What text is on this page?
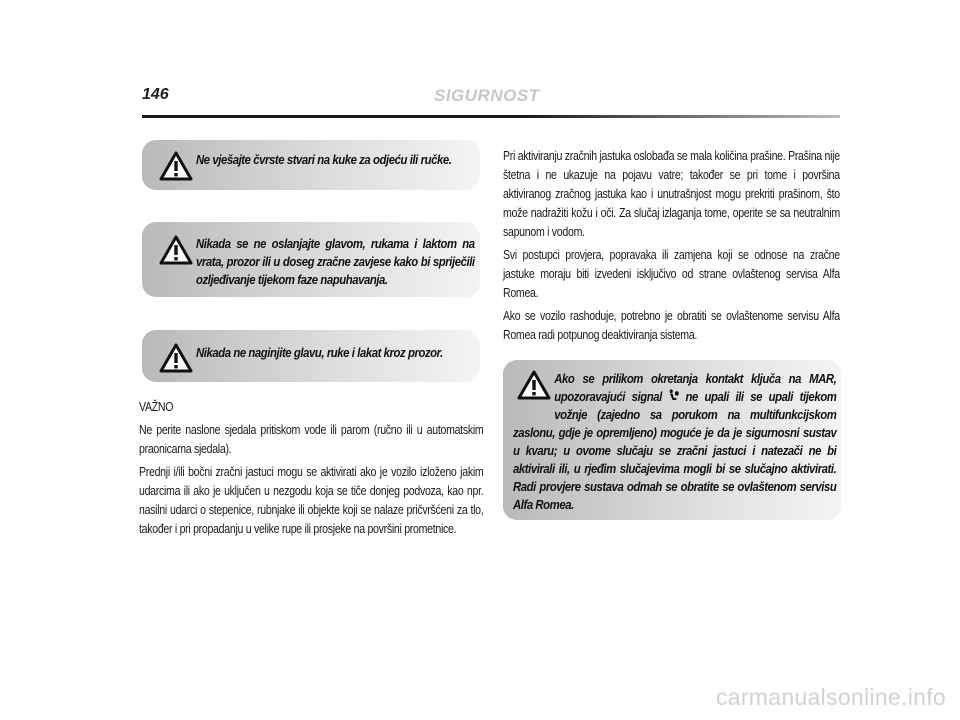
146	SIGURNOST
Ne vješajte čvrste stvari na kuke za odjeću ili ručke.
Nikada se ne oslanjajte glavom, rukama i laktom na vrata, prozor ili u doseg zračne zavjese kako bi spriječili ozljeđivanje tijekom faze napuhavanja.
Nikada ne naginjite glavu, ruke i lakat kroz prozor.

VAŽNO

Ne perite naslone sjedala pritiskom vode ili parom (ručno ili u automatskim praonicama sjedala).

Prednji i/ili bočni zračni jastuci mogu se aktivirati ako je vozilo izloženo jakim udarcima ili ako je uključen u nezgodu koja se tiče donjeg podvoza, kao npr. nasilni udarci o stepenice, rubnjake ili objekte koji se nalaze pričvršćeni za tlo, također i pri propadanju u velike rupe ili prosjeke na površini prometnice.

Pri aktiviranju zračnih jastuka oslobađa se mala količina prašine. Prašina nije štetna i ne ukazuje na pojavu vatre; također se pri tome i površina aktiviranog zračnog jastuka kao i unutrašnjost mogu prekriti prašinom, što može nadražiti kožu i oči. Za slučaj izlaganja tome, operite se sa neutralnim sapunom i vodom.

Svi postupci provjera, popravaka ili zamjena koji se odnose na zračne jastuke moraju biti izvedeni isključivo od strane ovlaštenog servisa Alfa Romea.

Ako se vozilo rashoduje, potrebno je obratiti se ovlaštenome servisu Alfa Romea radi potpunog deaktiviranja sistema.

Ako se prilikom okretanja kontakt ključa na MAR, upozoravajući signal ne upali ili se upali tijekom vožnje (zajedno sa porukom na multifunkcijskom zaslonu, gdje je opremljeno) moguće je da je sigurnosni sustav u kvaru; u ovome slučaju se zračni jastuci i natezači ne bi aktivirali ili, u rjeđim slučajevima mogli bi se slučajno aktivirati. Radi provjere sustava odmah se obratite se ovlaštenom servisu Alfa Romea.
carmanualsonline.info
